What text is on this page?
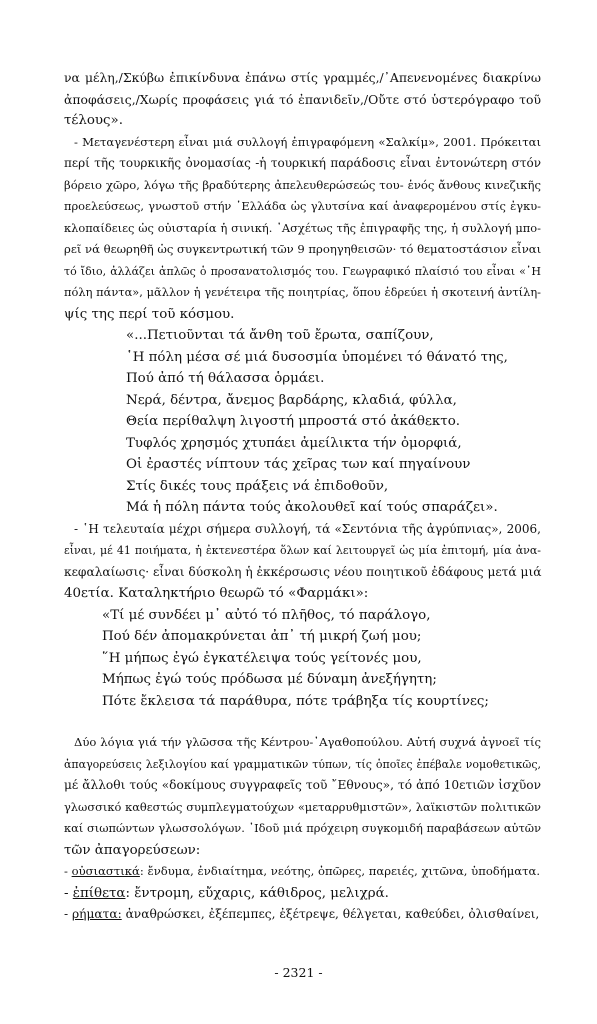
να μέλη,/Σκύβω ἐπικίνδυνα ἐπάνω στίς γραμμές,/᾿Απενενομένες διακρίνω
ἀποφάσεις,/Χωρίς προφάσεις γιά τό ἐπανιδεῖν,/Οὔτε στό ὑστερόγραφο τοῦ
τέλους».
- Μεταγενέστερη εἶναι μιά συλλογή ἐπιγραφόμενη «Σαλκίμ», 2001. Πρόκειται
περί τῆς τουρκικῆς ὀνομασίας -ἡ τουρκική παράδοσις εἶναι ἐντονώτερη στόν
βόρειο χῶρο, λόγω τῆς βραδύτερης ἀπελευθερώσεώς του- ἑνός ἄνθους κινεζικῆς
προελεύσεως, γνωστοῦ στήν ῾Ελλάδα ὡς γλυτσίνα καί ἀναφερομένου στίς ἐγκυ-
κλοπαίδειες ὡς οὐισταρία ἡ σινική. ᾿Ασχέτως τῆς ἐπιγραφῆς της, ἡ συλλογή μπο-
ρεῖ νά θεωρηθῆ ὡς συγκεντρωτική τῶν 9 προηγηθεισῶν· τό θεματοστάσιον εἶναι
τό ἴδιο, ἀλλάζει ἁπλῶς ὁ προσανατολισμός του. Γεωγραφικό πλαίσιό του εἶναι «῾Η
πόλη πάντα», μᾶλλον ἡ γενέτειρα τῆς ποιητρίας, ὅπου ἑδρεύει ἡ σκοτεινή ἀντίλη-
ψίς της περί τοῦ κόσμου.
«...Πετιοῦνται τά ἄνθη τοῦ ἔρωτα, σαπίζουν,
῾Η πόλη μέσα σέ μιά δυσοσμία ὑπομένει τό θάνατό της,
Πού ἀπό τή θάλασσα ὁρμάει.
Νερά, δέντρα, ἄνεμος βαρδάρης, κλαδιά, φύλλα,
Θεία περίθαλψη λιγοστή μπροστά στό ἀκάθεκτο.
Τυφλός χρησμός χτυπάει ἀμείλικτα τήν ὀμορφιά,
Οἱ ἐραστές νίπτουν τάς χεῖρας των καί πηγαίνουν
Στίς δικές τους πράξεις νά ἐπιδοθοῦν,
Μά ἡ πόλη πάντα τούς ἀκολουθεῖ καί τούς σπαράζει».
- ῾Η τελευταία μέχρι σήμερα συλλογή, τά «Σεντόνια τῆς ἀγρύπνιας», 2006,
εἶναι, μέ 41 ποιήματα, ἡ ἐκτενεστέρα ὅλων καί λειτουργεῖ ὡς μία ἐπιτομή, μία ἀνα-
κεφαλαίωσις· εἶναι δύσκολη ἡ ἐκκέρσωσις νέου ποιητικοῦ ἐδάφους μετά μιά
40ετία. Καταληκτήριο θεωρῶ τό «Φαρμάκι»:
«Τί μέ συνδέει μ᾿ αὐτό τό πλῆθος, τό παράλογο,
Πού δέν ἀπομακρύνεται ἀπ᾿ τή μικρή ζωή μου;
῞Η μήπως ἐγώ ἐγκατέλειψα τούς γείτονές μου,
Μήπως ἐγώ τούς πρόδωσα μέ δύναμη ἀνεξήγητη;
Πότε ἔκλεισα τά παράθυρα, πότε τράβηξα τίς κουρτίνες;
Δύο λόγια γιά τήν γλῶσσα τῆς Κέντρου-᾿Αγαθοπούλου. Αὐτή συχνά ἀγνοεῖ τίς
ἀπαγορεύσεις λεξιλογίου καί γραμματικῶν τύπων, τίς ὁποῖες ἐπέβαλε νομοθετικῶς,
μέ ἄλλοθι τούς «δοκίμους συγγραφεῖς τοῦ ῎Εθνους», τό ἀπό 10ετιῶν ἰσχῦον
γλωσσικό καθεστώς συμπλεγματούχων «μεταρρυθμιστῶν», λαϊκιστῶν πολιτικῶν
καί σιωπώντων γλωσσολόγων. ᾿Ιδοῦ μιά πρόχειρη συγκομιδή παραβάσεων αὐτῶν
τῶν ἀπαγορεύσεων:
- οὐσιαστικά: ἔνδυμα, ἐνδιαίτημα, νεότης, ὀπῶρες, παρειές, χιτῶνα, ὑποδήματα.
- ἐπίθετα: ἔντρομη, εὔχαρις, κάθιδρος, μελιχρά.
- ρήματα: ἀναθρώσκει, ἐξέπεμπες, ἐξέτρεψε, θέλγεται, καθεύδει, ὀλισθαίνει,
- 2321 -
